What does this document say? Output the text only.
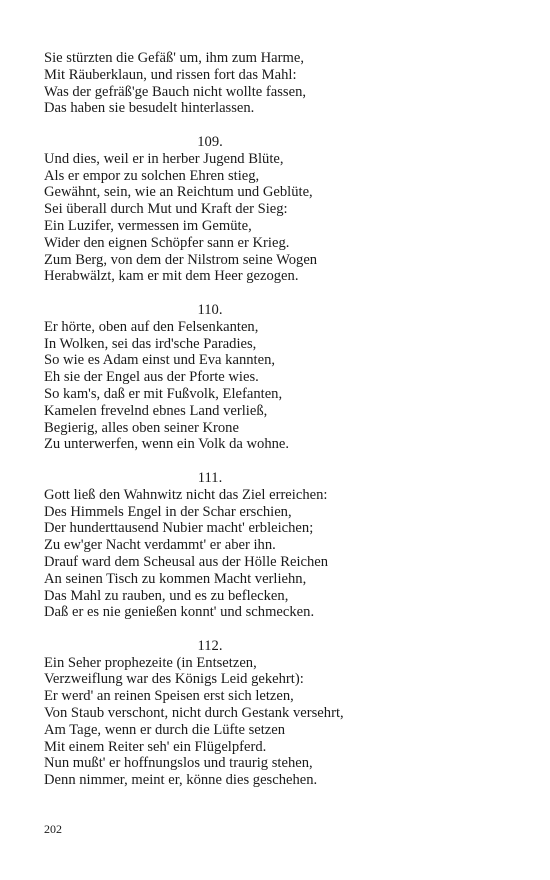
Sie stürzten die Gefäß' um, ihm zum Harme,
Mit Räuberklaun, und rissen fort das Mahl:
Was der gefräß'ge Bauch nicht wollte fassen,
Das haben sie besudelt hinterlassen.

109.

Und dies, weil er in herber Jugend Blüte,
Als er empor zu solchen Ehren stieg,
Gewähnt, sein, wie an Reichtum und Geblüte,
Sei überall durch Mut und Kraft der Sieg:
Ein Luzifer, vermessen im Gemüte,
Wider den eignen Schöpfer sann er Krieg.
Zum Berg, von dem der Nilstrom seine Wogen
Herabwälzt, kam er mit dem Heer gezogen.

110.

Er hörte, oben auf den Felsenkanten,
In Wolken, sei das ird'sche Paradies,
So wie es Adam einst und Eva kannten,
Eh sie der Engel aus der Pforte wies.
So kam's, daß er mit Fußvolk, Elefanten,
Kamelen frevelnd ebnes Land verließ,
Begierig, alles oben seiner Krone
Zu unterwerfen, wenn ein Volk da wohne.

111.

Gott ließ den Wahnwitz nicht das Ziel erreichen:
Des Himmels Engel in der Schar erschien,
Der hunderttausend Nubier macht' erbleichen;
Zu ew'ger Nacht verdammt' er aber ihn.
Drauf ward dem Scheusal aus der Hölle Reichen
An seinen Tisch zu kommen Macht verliehn,
Das Mahl zu rauben, und es zu beflecken,
Daß er es nie genießen konnt' und schmecken.

112.

Ein Seher prophezeite (in Entsetzen,
Verzweiflung war des Königs Leid gekehrt):
Er werd' an reinen Speisen erst sich letzen,
Von Staub verschont, nicht durch Gestank versehrt,
Am Tage, wenn er durch die Lüfte setzen
Mit einem Reiter seh' ein Flügelpferd.
Nun mußt' er hoffnungslos und traurig stehen,
Denn nimmer, meint er, könne dies geschehen.
202
